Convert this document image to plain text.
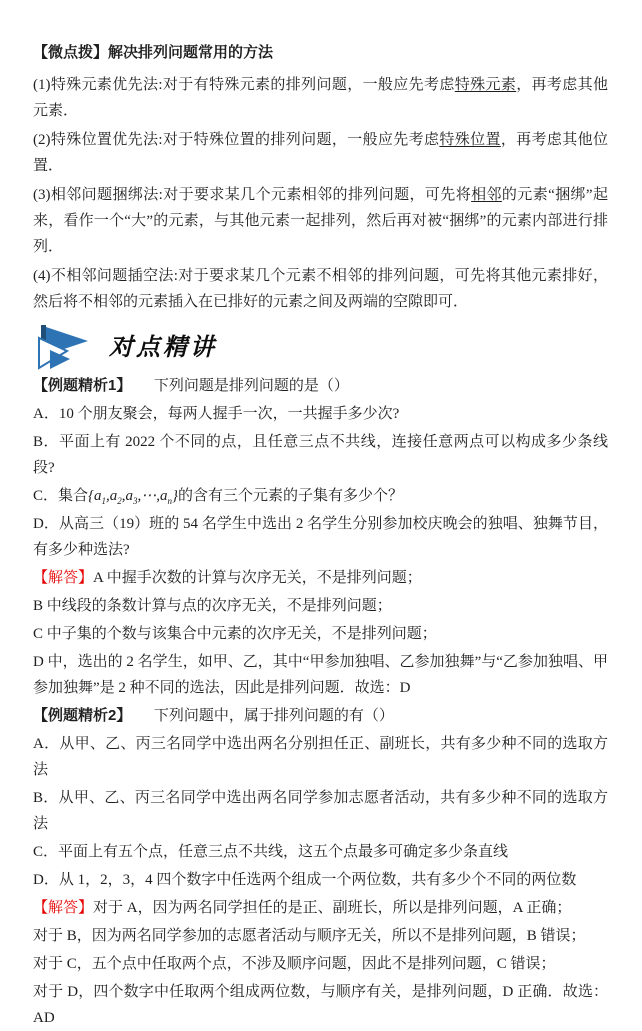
【微点拨】解决排列问题常用的方法

(1)特殊元素优先法:对于有特殊元素的排列问题，一般应先考虑特殊元素，再考虑其他元素．

(2)特殊位置优先法:对于特殊位置的排列问题，一般应先考虑特殊位置，再考虑其他位置．

(3)相邻问题捆绑法:对于要求某几个元素相邻的排列问题，可先将相邻的元素“捆绑”起来，看作一个“大”的元素，与其他元素一起排列，然后再对被“捆绑”的元素内部进行排列．

(4)不相邻问题插空法:对于要求某几个元素不相邻的排列问题，可先将其他元素排好，然后将不相邻的元素插入在已排好的元素之间及两端的空隙即可．

对点精讲

【例题精析1】　　下列问题是排列问题的是（）

A．10 个朋友聚会，每两人握手一次，一共握手多少次?

B．平面上有 2022 个不同的点，且任意三点不共线，连接任意两点可以构成多少条线段?

C．集合$\{a_1,a_2,a_3,\cdots,a_n\}$的含有三个元素的子集有多少个？

D．从高三（19）班的 54 名学生中选出 2 名学生分别参加校庆晚会的独唱、独舞节目，有多少种选法?

【解答】A 中握手次数的计算与次序无关，不是排列问题；

B 中线段的条数计算与点的次序无关，不是排列问题；

C 中子集的个数与该集合中元素的次序无关，不是排列问题；

D 中，选出的 2 名学生，如甲、乙，其中“甲参加独唱、乙参加独舞”与“乙参加独唱、甲参加独舞”是 2 种不同的选法，因此是排列问题．故选：D

【例题精析2】　　下列问题中，属于排列问题的有（）

A．从甲、乙、丙三名同学中选出两名分别担任正、副班长，共有多少种不同的选取方法

B．从甲、乙、丙三名同学中选出两名同学参加志愿者活动，共有多少种不同的选取方法

C．平面上有五个点，任意三点不共线，这五个点最多可确定多少条直线

D．从 1，2，3，4 四个数字中任选两个组成一个两位数，共有多少个不同的两位数

【解答】对于 A，因为两名同学担任的是正、副班长，所以是排列问题，A 正确；

对于 B，因为两名同学参加的志愿者活动与顺序无关，所以不是排列问题，B 错误；

对于 C，五个点中任取两个点，不涉及顺序问题，因此不是排列问题，C 错误；

对于 D，四个数字中任取两个组成两位数，与顺序有关，是排列问题，D 正确．故选：AD
